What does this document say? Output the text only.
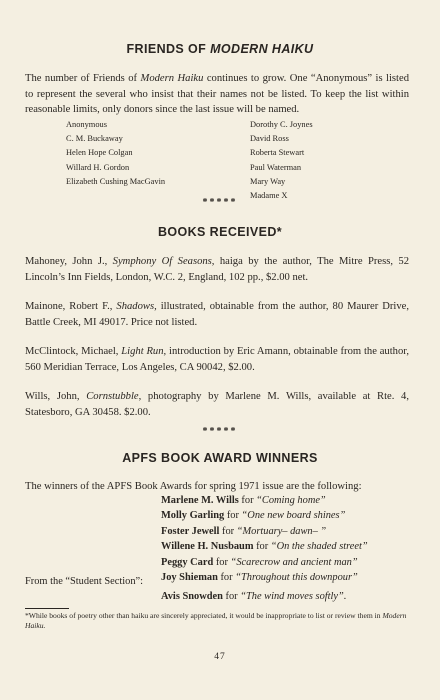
FRIENDS OF MODERN HAIKU
The number of Friends of Modern Haiku continues to grow. One “Anonymous” is listed to represent the several who insist that their names not be listed. To keep the list within reasonable limits, only donors since the last issue will be named.
Anonymous
C. M. Buckaway
Helen Hope Colgan
Willard H. Gordon
Elizabeth Cushing MacGavin
Dorothy C. Joynes
David Ross
Roberta Stewart
Paul Waterman
Mary Way
Madame X
*****
BOOKS RECEIVED*
Mahoney, John J., Symphony Of Seasons, haiga by the author, The Mitre Press, 52 Lincoln’s Inn Fields, London, W.C. 2, England, 102 pp., $2.00 net.
Mainone, Robert F., Shadows, illustrated, obtainable from the author, 80 Maurer Drive, Battle Creek, MI 49017. Price not listed.
McClintock, Michael, Light Run, introduction by Eric Amann, obtainable from the author, 560 Meridian Terrace, Los Angeles, CA 90042, $2.00.
Wills, John, Cornstubble, photography by Marlene M. Wills, available at Rte. 4, Statesboro, GA 30458. $2.00.
*****
APFS BOOK AWARD WINNERS
The winners of the APFS Book Awards for spring 1971 issue are the following:
Marlene M. Wills for “Coming home”
Molly Garling for “One new board shines”
Foster Jewell for “Mortuary– dawn– ”
Willene H. Nusbaum for “On the shaded street”
Peggy Card for “Scarecrow and ancient man”
Joy Shieman for “Throughout this downpour”
From the “Student Section”:
Avis Snowden for “The wind moves softly”.
*While books of poetry other than haiku are sincerely appreciated, it would be inappropriate to list or review them in Modern Haiku.
47
